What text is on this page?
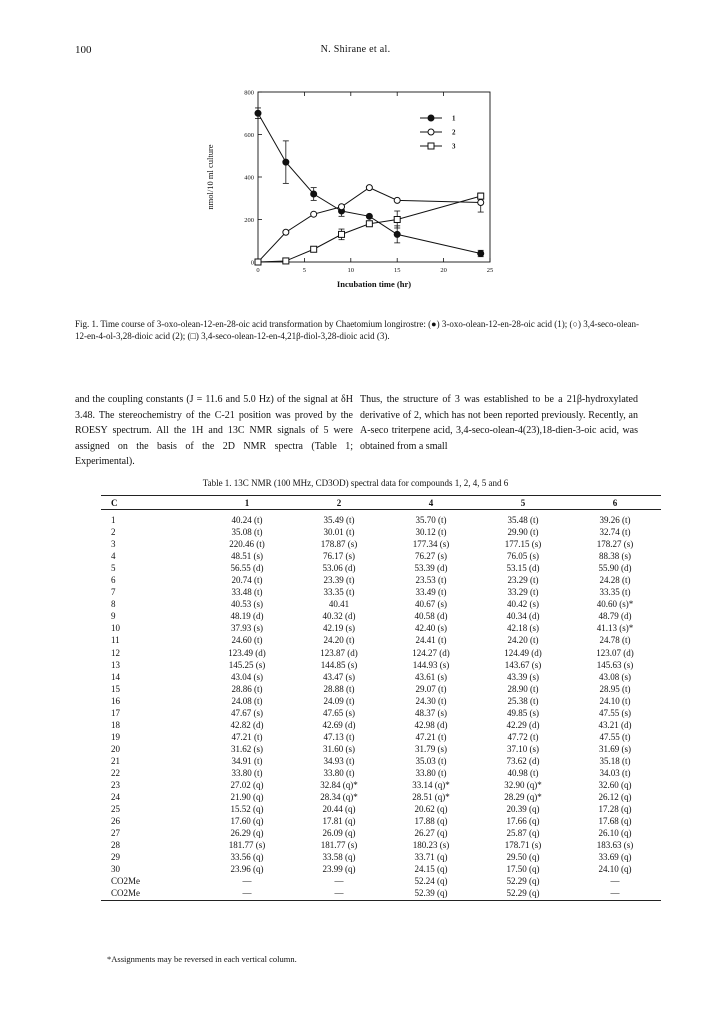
100	N. Shirane et al.
0	5	10	15	20	25
0
200
400
600
800
Incubation time (hr)
nmol/10 ml culture
1
2
3
Fig. 1. Time course of 3-oxo-olean-12-en-28-oic acid transformation by Chaetomium longirostre: (●) 3-oxo-olean-12-en-28-oic acid (1); (○) 3,4-seco-olean-12-en-4-ol-3,28-dioic acid (2); (□) 3,4-seco-olean-12-en-4,21β-diol-3,28-dioic acid (3).
and the coupling constants (J = 11.6 and 5.0 Hz) of the signal at δH 3.48. The stereochemistry of the C-21 position was proved by the ROESY spectrum. All the 1H and 13C NMR signals of 5 were assigned on the basis of the 2D NMR spectra (Table 1; Experimental).
Thus, the structure of 3 was established to be a 21β-hydroxylated derivative of 2, which has not been reported previously. Recently, an A-seco triterpene acid, 3,4-seco-olean-4(23),18-dien-3-oic acid, was obtained from a small
Table 1. 13C NMR (100 MHz, CD3OD) spectral data for compounds 1, 2, 4, 5 and 6
C	1	2	4	5	6
1	40.24 (t)	35.49 (t)	35.70 (t)	35.48 (t)	39.26 (t)
2	35.08 (t)	30.01 (t)	30.12 (t)	29.90 (t)	32.74 (t)
3	220.46 (t)	178.87 (s)	177.34 (s)	177.15 (s)	178.27 (s)
4	48.51 (s)	76.17 (s)	76.27 (s)	76.05 (s)	88.38 (s)
5	56.55 (d)	53.06 (d)	53.39 (d)	53.15 (d)	55.90 (d)
6	20.74 (t)	23.39 (t)	23.53 (t)	23.29 (t)	24.28 (t)
7	33.48 (t)	33.35 (t)	33.49 (t)	33.29 (t)	33.35 (t)
8	40.53 (s)	40.41	40.67 (s)	40.42 (s)	40.60 (s)*
9	48.19 (d)	40.32 (d)	40.58 (d)	40.34 (d)	48.79 (d)
10	37.93 (s)	42.19 (s)	42.40 (s)	42.18 (s)	41.13 (s)*
11	24.60 (t)	24.20 (t)	24.41 (t)	24.20 (t)	24.78 (t)
12	123.49 (d)	123.87 (d)	124.27 (d)	124.49 (d)	123.07 (d)
13	145.25 (s)	144.85 (s)	144.93 (s)	143.67 (s)	145.63 (s)
14	43.04 (s)	43.47 (s)	43.61 (s)	43.39 (s)	43.08 (s)
15	28.86 (t)	28.88 (t)	29.07 (t)	28.90 (t)	28.95 (t)
16	24.08 (t)	24.09 (t)	24.30 (t)	25.38 (t)	24.10 (t)
17	47.67 (s)	47.65 (s)	48.37 (s)	49.85 (s)	47.55 (s)
18	42.82 (d)	42.69 (d)	42.98 (d)	42.29 (d)	43.21 (d)
19	47.21 (t)	47.13 (t)	47.21 (t)	47.72 (t)	47.55 (t)
20	31.62 (s)	31.60 (s)	31.79 (s)	37.10 (s)	31.69 (s)
21	34.91 (t)	34.93 (t)	35.03 (t)	73.62 (d)	35.18 (t)
22	33.80 (t)	33.80 (t)	33.80 (t)	40.98 (t)	34.03 (t)
23	27.02 (q)	32.84 (q)*	33.14 (q)*	32.90 (q)*	32.60 (q)
24	21.90 (q)	28.34 (q)*	28.51 (q)*	28.29 (q)*	26.12 (q)
25	15.52 (q)	20.44 (q)	20.62 (q)	20.39 (q)	17.28 (q)
26	17.60 (q)	17.81 (q)	17.88 (q)	17.66 (q)	17.68 (q)
27	26.29 (q)	26.09 (q)	26.27 (q)	25.87 (q)	26.10 (q)
28	181.77 (s)	181.77 (s)	180.23 (s)	178.71 (s)	183.63 (s)
29	33.56 (q)	33.58 (q)	33.71 (q)	29.50 (q)	33.69 (q)
30	23.96 (q)	23.99 (q)	24.15 (q)	17.50 (q)	24.10 (q)
CO2Me	—	—	52.24 (q)	52.29 (q)	—
CO2Me	—	—	52.39 (q)	52.29 (q)	—
*Assignments may be reversed in each vertical column.
